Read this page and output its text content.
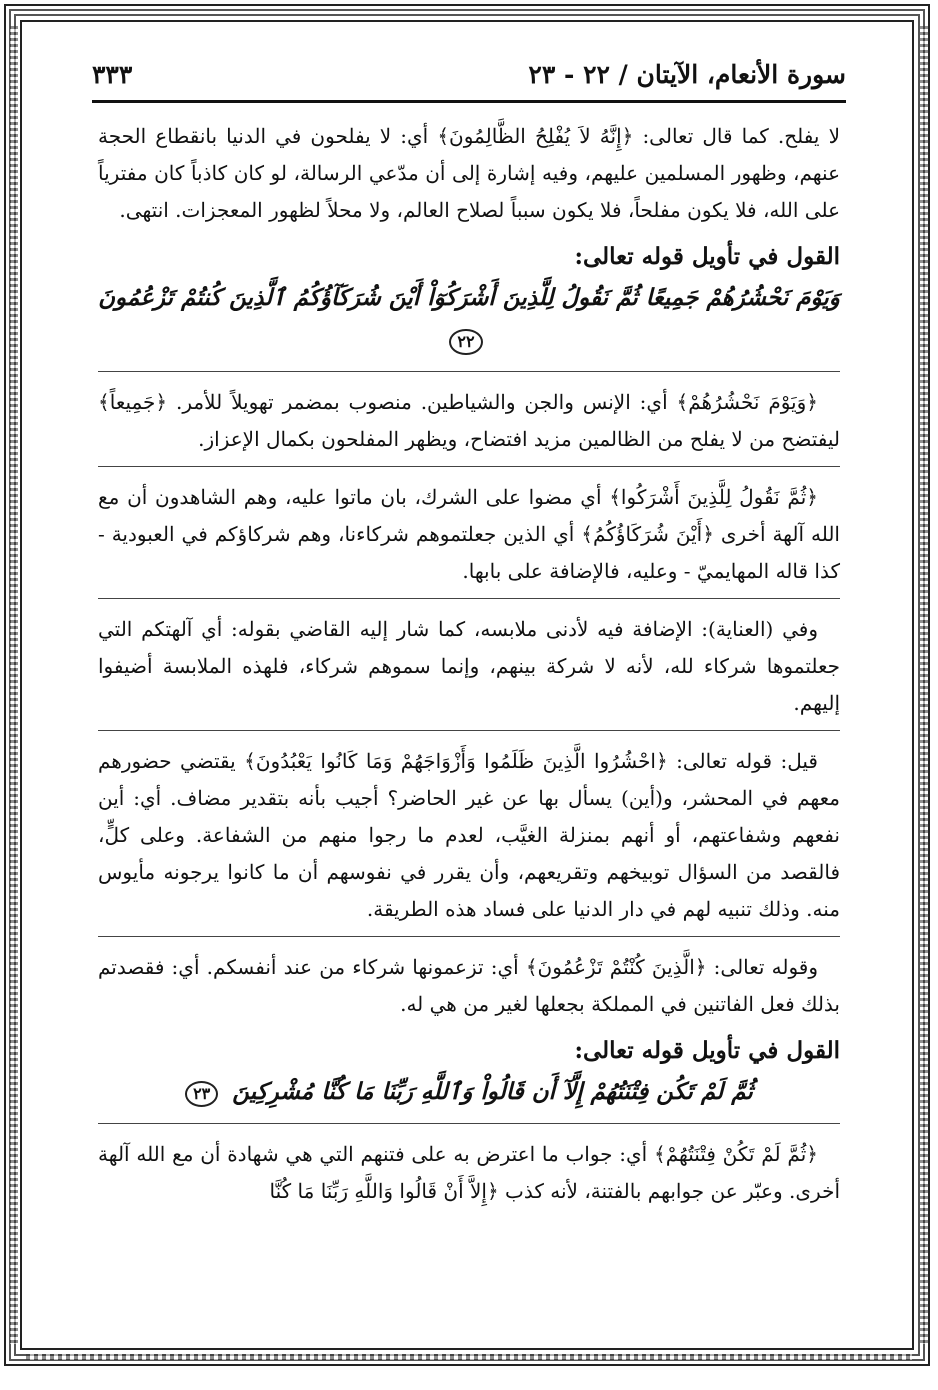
سورة الأنعام، الآيتان / ٢٢ - ٢٣
٣٣٣

لا يفلح. كما قال تعالى: ﴿إِنَّهُ لاَ يُفْلِحُ الظَّالِمُونَ﴾ أي: لا يفلحون في الدنيا بانقطاع الحجة عنهم، وظهور المسلمين عليهم، وفيه إشارة إلى أن مدّعي الرسالة، لو كان كاذباً كان مفترياً على الله، فلا يكون مفلحاً، فلا يكون سبباً لصلاح العالم، ولا محلاً لظهور المعجزات. انتهى.

القول في تأويل قوله تعالى:

وَيَوْمَ نَحْشُرُهُمْ جَمِيعًا ثُمَّ نَقُولُ لِلَّذِينَ أَشْرَكُوٓاْ أَيْنَ شُرَكَآؤُكُمُ ٱلَّذِينَ كُنتُمْ تَزْعُمُونَ ٢٢

﴿وَيَوْمَ نَحْشُرُهُمْ﴾ أي: الإنس والجن والشياطين. منصوب بمضمر تهويلاً للأمر. ﴿جَمِيعاً﴾ ليفتضح من لا يفلح من الظالمين مزيد افتضاح، ويظهر المفلحون بكمال الإعزاز.

﴿ثُمَّ نَقُولُ لِلَّذِينَ أَشْرَكُوا﴾ أي مضوا على الشرك، بان ماتوا عليه، وهم الشاهدون أن مع الله آلهة أخرى ﴿أَيْنَ شُرَكَاؤُكُمُ﴾ أي الذين جعلتموهم شركاءنا، وهم شركاؤكم في العبودية - كذا قاله المهايميّ - وعليه، فالإضافة على بابها.

وفي (العناية): الإضافة فيه لأدنى ملابسه، كما شار إليه القاضي بقوله: أي آلهتكم التي جعلتموها شركاء لله، لأنه لا شركة بينهم، وإنما سموهم شركاء، فلهذه الملابسة أضيفوا إليهم.

قيل: قوله تعالى: ﴿احْشُرُوا الَّذِينَ ظَلَمُوا وَأَزْوَاجَهُمْ وَمَا كَانُوا يَعْبُدُونَ﴾ يقتضي حضورهم معهم في المحشر، و(أين) يسأل بها عن غير الحاضر؟ أجيب بأنه بتقدير مضاف. أي: أين نفعهم وشفاعتهم، أو أنهم بمنزلة الغيَّب، لعدم ما رجوا منهم من الشفاعة. وعلى كلٍّ، فالقصد من السؤال توبيخهم وتقريعهم، وأن يقرر في نفوسهم أن ما كانوا يرجونه مأيوس منه. وذلك تنبيه لهم في دار الدنيا على فساد هذه الطريقة.

وقوله تعالى: ﴿الَّذِينَ كُنْتُمْ تَزْعُمُونَ﴾ أي: تزعمونها شركاء من عند أنفسكم. أي: فقصدتم بذلك فعل الفاتنين في المملكة بجعلها لغير من هي له.

القول في تأويل قوله تعالى:

ثُمَّ لَمْ تَكُن فِتْنَتُهُمْ إِلَّآ أَن قَالُواْ وَٱللَّهِ رَبِّنَا مَا كُنَّا مُشْرِكِينَ ٢٣

﴿ثُمَّ لَمْ تَكُنْ فِتْنَتُهُمْ﴾ أي: جواب ما اعترض به على فتنهم التي هي شهادة أن مع الله آلهة أخرى. وعبّر عن جوابهم بالفتنة، لأنه كذب ﴿إِلاَّ أَنْ قَالُوا وَاللَّهِ رَبِّنَا مَا كُنَّا
